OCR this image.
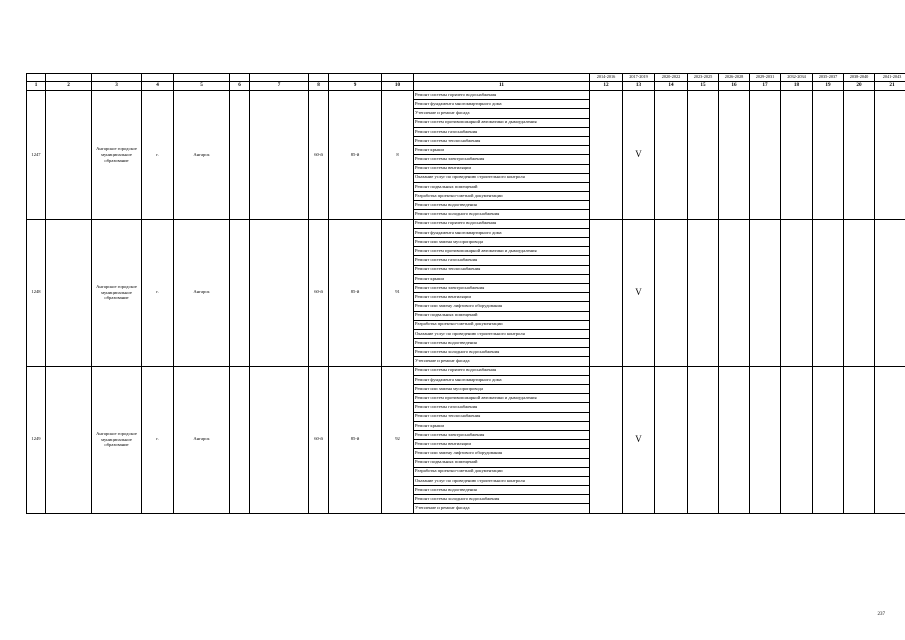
											2014-2016	2017-2019	2020-2022	2023-2025	2026-2028	2029-2031	2032-2034	2035-2037	2038-2040	2041-2043
1	2	3	4	5	6	7	8	9	10	11	12	13	14	15	16	17	18	19	20	21
1247		Ангарское городское муниципальное образование	г.	Ангарск			60-й	85-й	8	Ремонт системы горячего водоснабжения		V								
										Ремонт фундамента многоквартирного дома										
										Утепление и ремонт фасада										
										Ремонт систем противопожарной автоматики и дымоудаления										
										Ремонт системы газоснабжения										
										Ремонт системы теплоснабжения										
										Ремонт крыши										
										Ремонт системы электроснабжения										
										Ремонт системы вентиляции										
										Оказание услуг по проведению строительного контроля										
										Ремонт подвальных помещений										
										Разработка проектно-сметной документации										
										Ремонт системы водоотведения										
										Ремонт системы холодного водоснабжения										
1248		Ангарское городское муниципальное образование	г.	Ангарск			60-й	85-й	91	Ремонт системы горячего водоснабжения		V								
										Ремонт фундамента многоквартирного дома										
										Ремонт или замена мусоропровода										
										Ремонт систем противопожарной автоматики и дымоудаления										
										Ремонт системы газоснабжения										
										Ремонт системы теплоснабжения										
										Ремонт крыши										
										Ремонт системы электроснабжения										
										Ремонт системы вентиляции										
										Ремонт или замену лифтового оборудования										
										Ремонт подвальных помещений										
										Разработка проектно-сметной документации										
										Оказание услуг по проведению строительного контроля										
										Ремонт системы водоотведения										
										Ремонт системы холодного водоснабжения										
										Утепление и ремонт фасада										
1249		Ангарское городское муниципальное образование	г.	Ангарск			60-й	85-й	92	Ремонт системы горячего водоснабжения		V								
										Ремонт фундамента многоквартирного дома										
										Ремонт или замена мусоропровода										
										Ремонт систем противопожарной автоматики и дымоудаления										
										Ремонт системы газоснабжения										
										Ремонт системы теплоснабжения										
										Ремонт крыши										
										Ремонт системы электроснабжения										
										Ремонт системы вентиляции										
										Ремонт или замену лифтового оборудования										
										Ремонт подвальных помещений										
										Разработка проектно-сметной документации										
										Оказание услуг по проведению строительного контроля										
										Ремонт системы водоотведения										
										Ремонт системы холодного водоснабжения										
										Утепление и ремонт фасада										
237
